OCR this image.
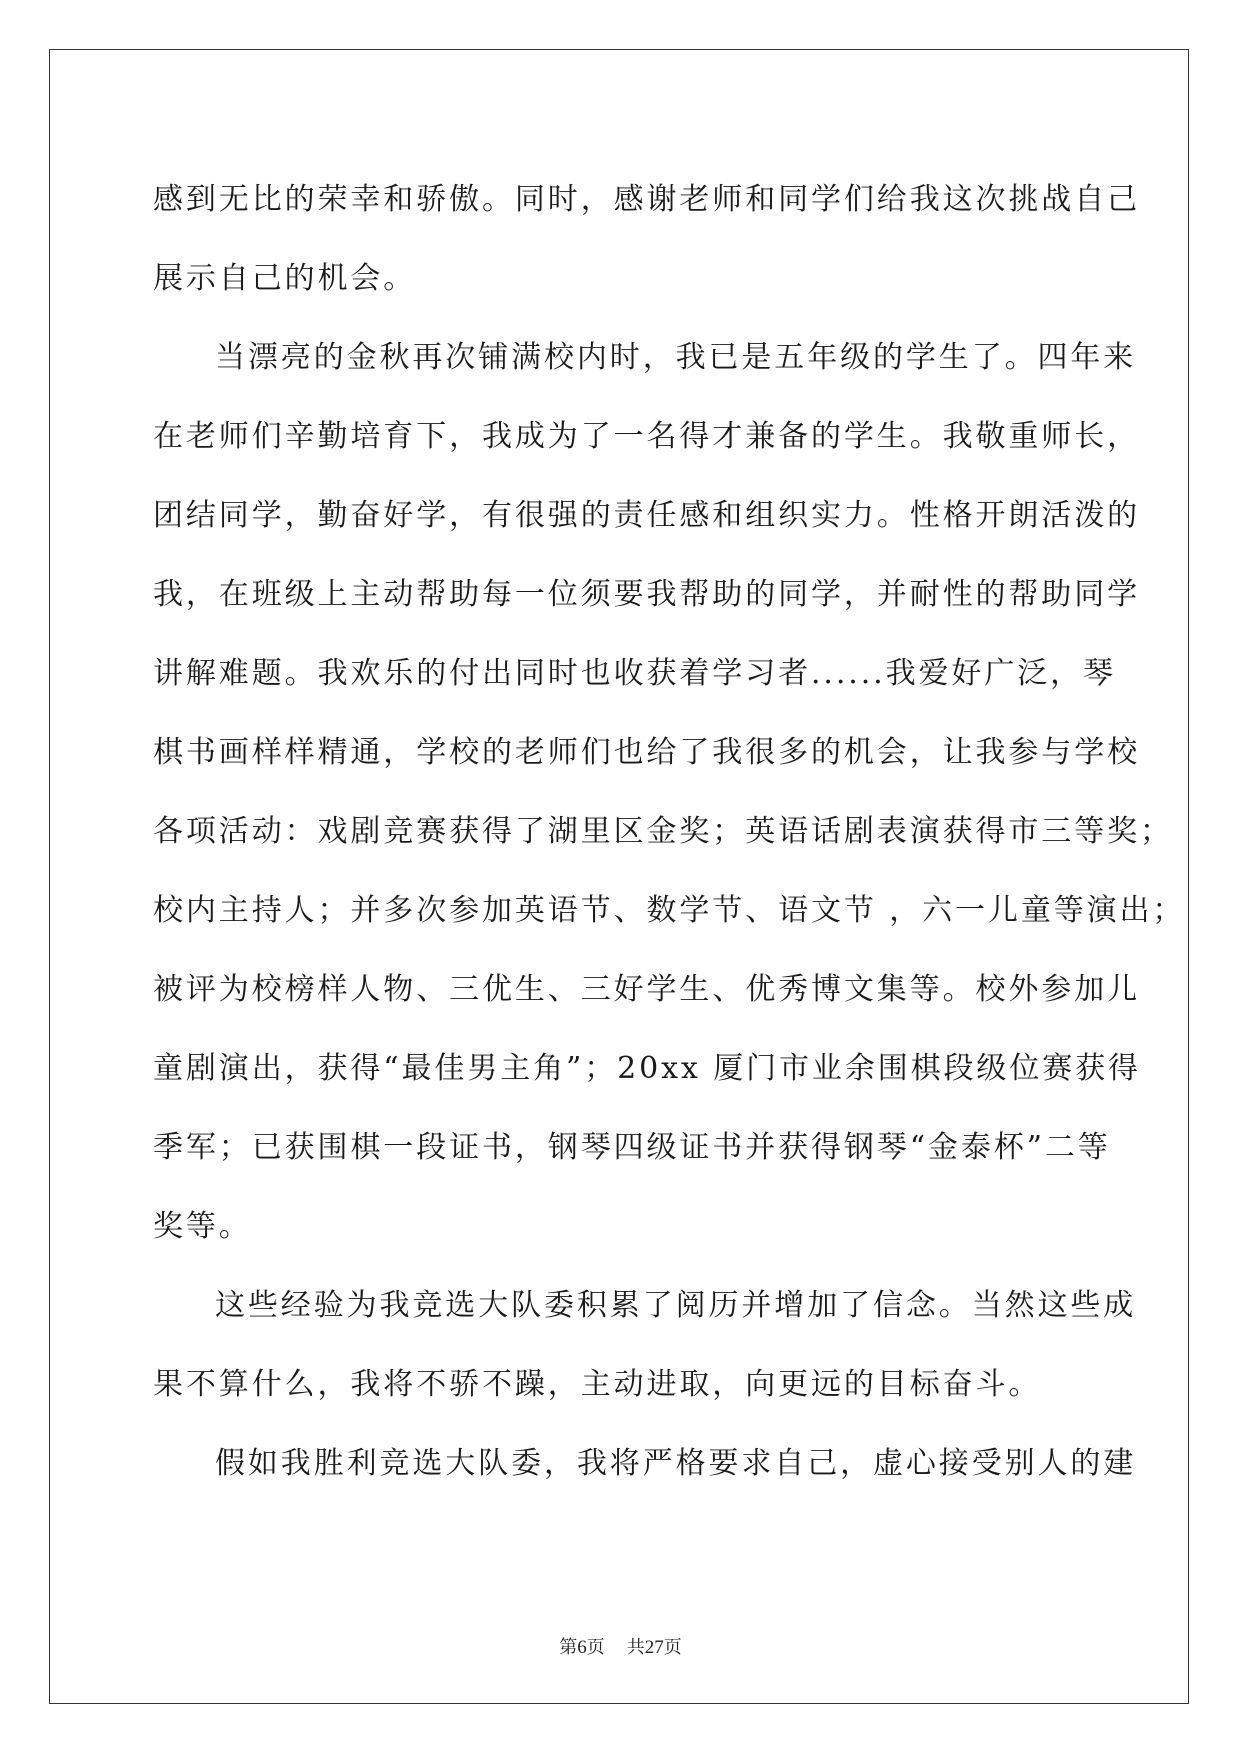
感到无比的荣幸和骄傲。同时，感谢老师和同学们给我这次挑战自己
展示自己的机会。
当漂亮的金秋再次铺满校内时，我已是五年级的学生了。四年来
在老师们辛勤培育下，我成为了一名得才兼备的学生。我敬重师长，
团结同学，勤奋好学，有很强的责任感和组织实力。性格开朗活泼的
我，在班级上主动帮助每一位须要我帮助的同学，并耐性的帮助同学
讲解难题。我欢乐的付出同时也收获着学习者......我爱好广泛，琴
棋书画样样精通，学校的老师们也给了我很多的机会，让我参与学校
各项活动：戏剧竞赛获得了湖里区金奖；英语话剧表演获得市三等奖；
校内主持人；并多次参加英语节、数学节、语文节 ，六一儿童等演出；
被评为校榜样人物、三优生、三好学生、优秀博文集等。校外参加儿
童剧演出，获得“最佳男主角”；20xx 厦门市业余围棋段级位赛获得
季军；已获围棋一段证书，钢琴四级证书并获得钢琴“金泰杯”二等
奖等。
这些经验为我竞选大队委积累了阅历并增加了信念。当然这些成
果不算什么，我将不骄不躁，主动进取，向更远的目标奋斗。
假如我胜利竞选大队委，我将严格要求自己，虚心接受别人的建
第6页 共27页
